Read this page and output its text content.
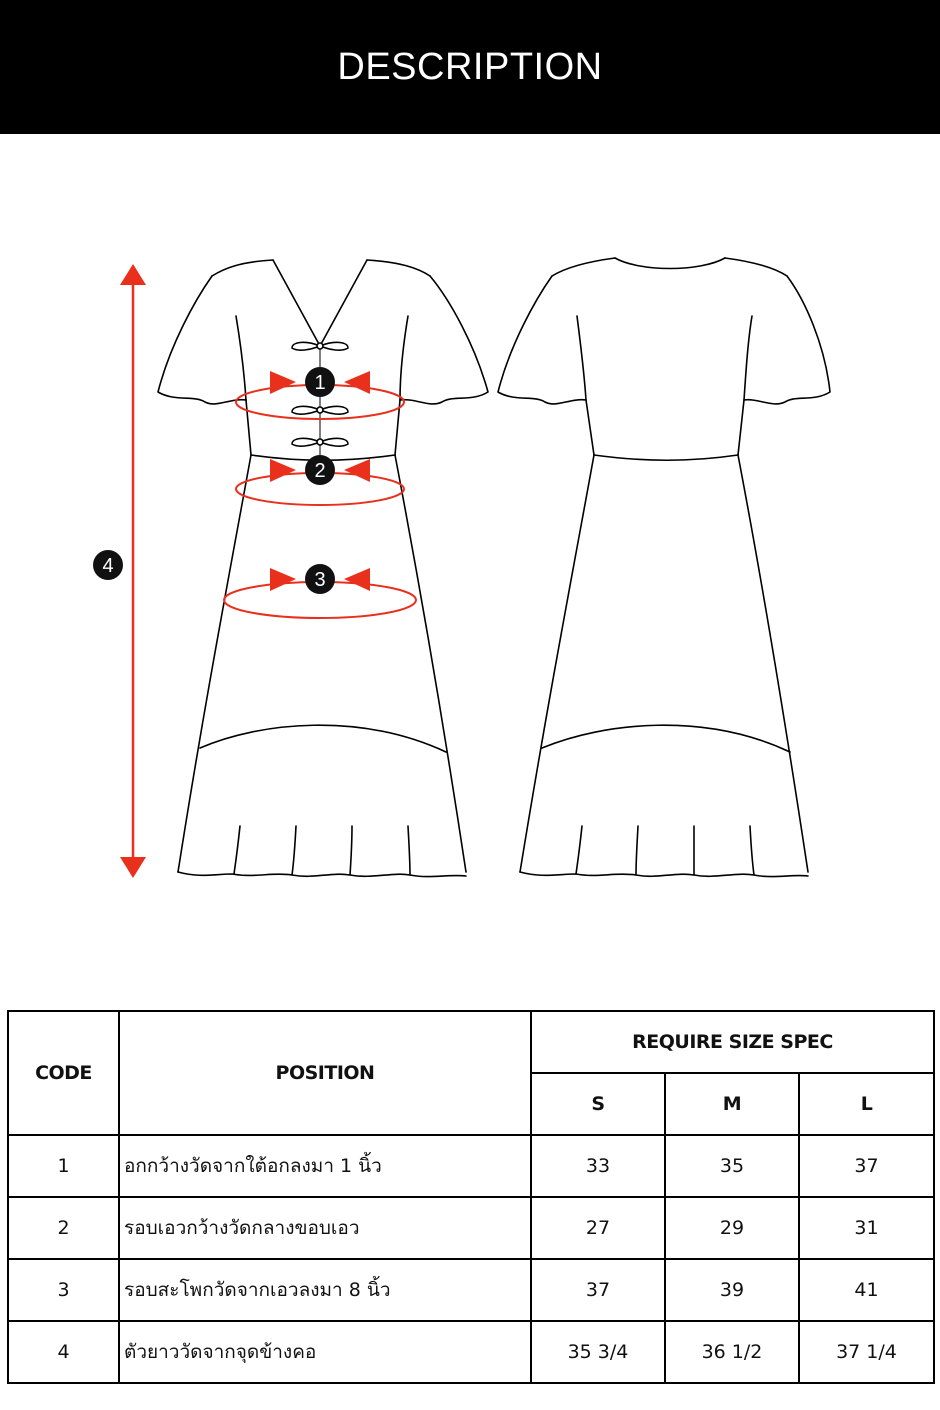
DESCRIPTION
1
2
3
4
CODE	POSITION	REQUIRE SIZE SPEC		
		S	M	L
1	อกกว้างวัดจากใต้อกลงมา 1 นิ้ว	33	35	37
2	รอบเอวกว้างวัดกลางขอบเอว	27	29	31
3	รอบสะโพกวัดจากเอวลงมา 8 นิ้ว	37	39	41
4	ตัวยาววัดจากจุดข้างคอ	35 3/4	36 1/2	37 1/4
